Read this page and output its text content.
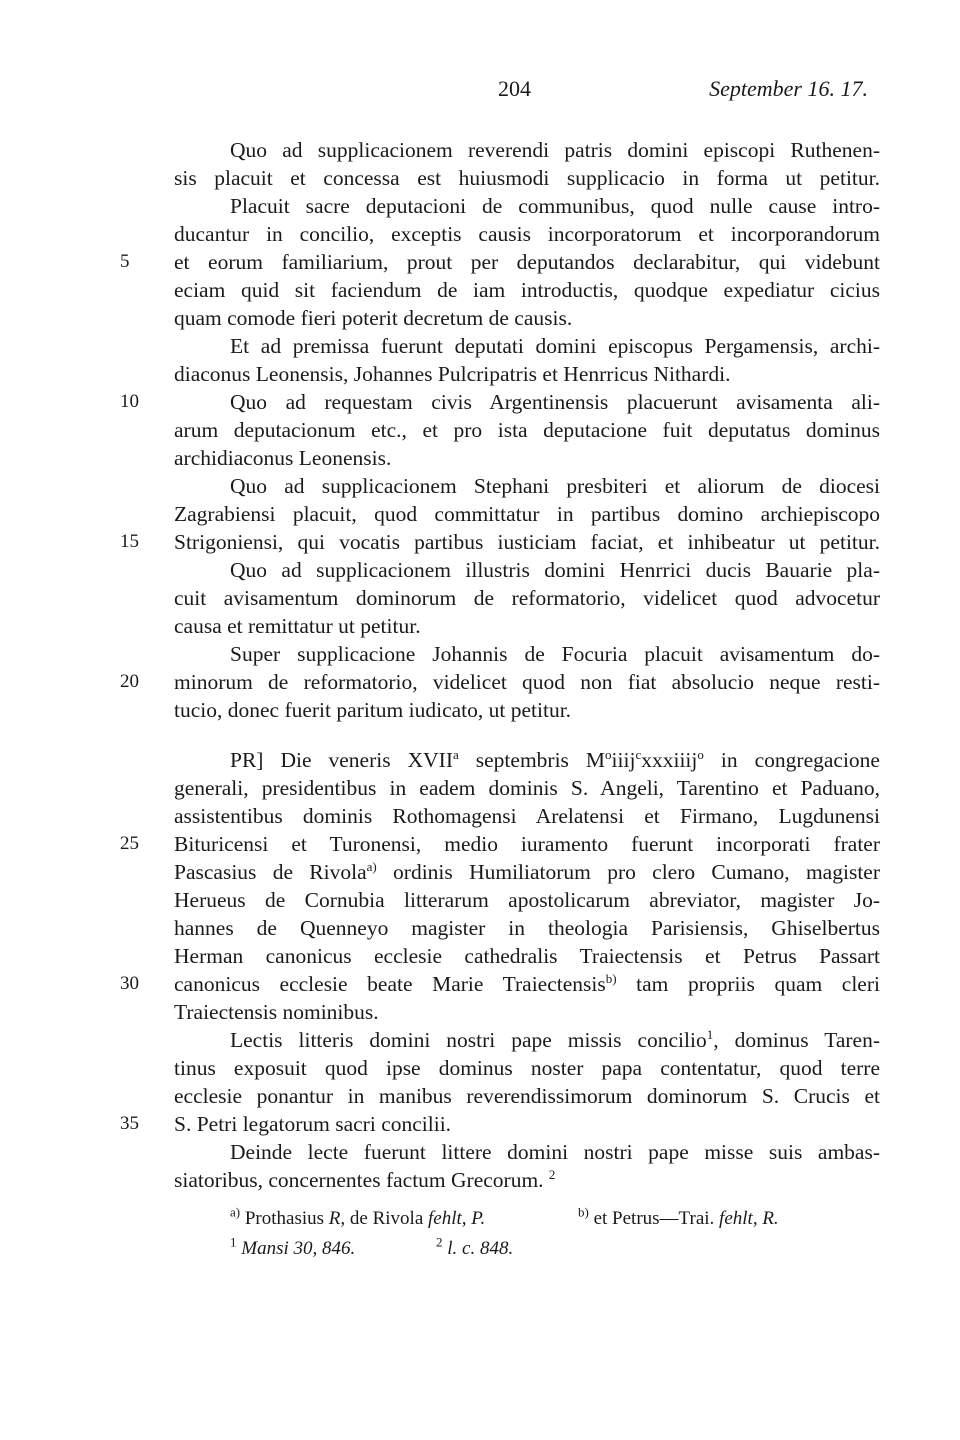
204	September 16. 17.
Quo ad supplicacionem reverendi patris domini episcopi Ruthenen-
sis placuit et concessa est huiusmodi supplicacio in forma ut petitur.
Placuit sacre deputacioni de communibus, quod nulle cause intro-
ducantur in concilio, exceptis causis incorporatorum et incorporandorum
et eorum familiarium, prout per deputandos declarabitur, qui videbunt
eciam quid sit faciendum de iam introductis, quodque expediatur cicius
quam comode fieri poterit decretum de causis.
Et ad premissa fuerunt deputati domini episcopus Pergamensis, archi-
diaconus Leonensis, Johannes Pulcripatris et Henrricus Nithardi.
Quo ad requestam civis Argentinensis placuerunt avisamenta ali-
arum deputacionum etc., et pro ista deputacione fuit deputatus dominus
archidiaconus Leonensis.
Quo ad supplicacionem Stephani presbiteri et aliorum de diocesi
Zagrabiensi placuit, quod committatur in partibus domino archiepiscopo
Strigoniensi, qui vocatis partibus iusticiam faciat, et inhibeatur ut petitur.
Quo ad supplicacionem illustris domini Henrrici ducis Bauarie pla-
cuit avisamentum dominorum de reformatorio, videlicet quod advocetur
causa et remittatur ut petitur.
Super supplicacione Johannis de Focuria placuit avisamentum do-
minorum de reformatorio, videlicet quod non fiat absolucio neque resti-
tucio, donec fuerit paritum iudicato, ut petitur.
PR] Die veneris XVII$^a$ septembris $M^oiiij^cxxxiiij^o$ in congregacione
generali, presidentibus in eadem dominis S. Angeli, Tarentino et Paduano,
assistentibus dominis Rothomagensi Arelatensi et Firmano, Lugdunensi
Bituricensi et Turonensi, medio iuramento fuerunt incorporati frater
Pascasius de Rivola$^{a)}$ ordinis Humiliatorum pro clero Cumano, magister
Herueus de Cornubia litterarum apostolicarum abreviator, magister Jo-
hannes de Quenneyo magister in theologia Parisiensis, Ghiselbertus
Herman canonicus ecclesie cathedralis Traiectensis et Petrus Passart
canonicus ecclesie beate Marie Traiectensis$^{b)}$ tam propriis quam cleri
Traiectensis nominibus.
Lectis litteris domini nostri pape missis concilio$^1$, dominus Taren-
tinus exposuit quod ipse dominus noster papa contentatur, quod terre
ecclesie ponantur in manibus reverendissimorum dominorum S. Crucis et
S. Petri legatorum sacri concilii.
Deinde lecte fuerunt littere domini nostri pape misse suis ambas-
siatoribus, concernentes factum Grecorum. $^2$
5
10
15
20
25
30
35
$^{a)}$ Prothasius R, de Rivola fehlt, P.	$^{b)}$ et Petrus—Trai. fehlt, R.
$^1$ Mansi 30, 846.	$^2$ l. c. 848.
